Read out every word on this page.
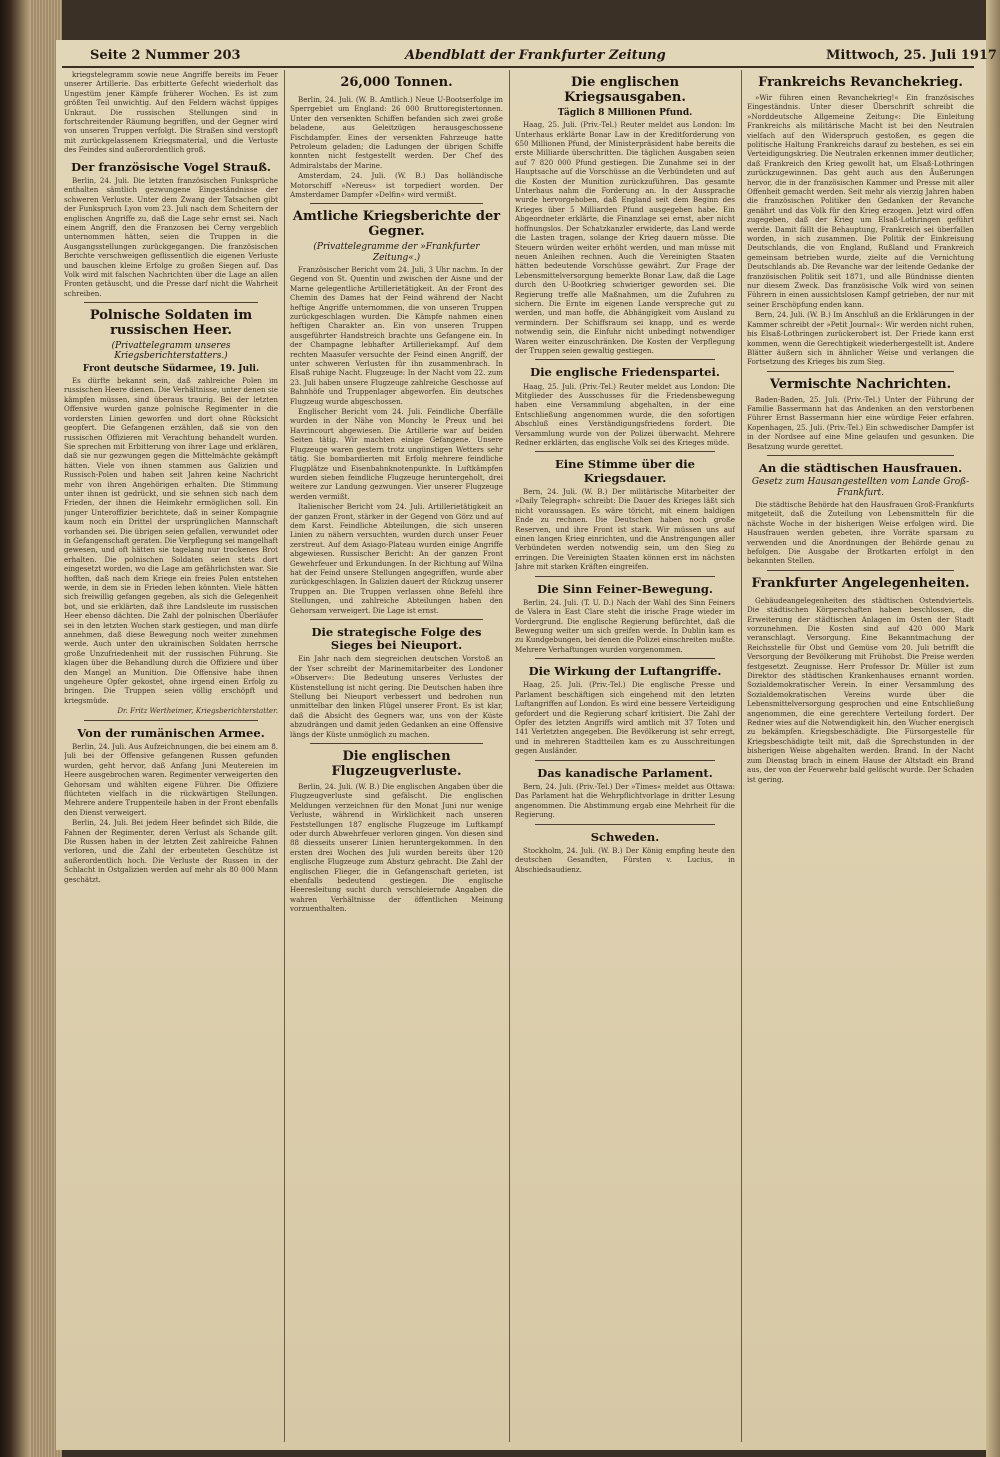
Seite 2 Nummer 203	Abendblatt der Frankfurter Zeitung	Mittwoch, 25. Juli 1917

kriegstelegramm sowie neue Angriffe bereits im Feuer unserer Artillerie. Das erbitterte Gefecht wiederholt das Ungestüm jener Kämpfe früherer Wochen. Es ist zum größten Teil unwichtig. Auf den Feldern wächst üppiges Unkraut. Die russischen Stellungen sind in fortschreitender Räumung begriffen, und der Gegner wird von unseren Truppen verfolgt. Die Straßen sind verstopft mit zurückgelassenem Kriegsmaterial, und die Verluste des Feindes sind außerordentlich groß.

Der französische Vogel Strauß.

Berlin, 24. Juli. Die letzten französischen Funksprüche enthalten sämtlich gezwungene Eingeständnisse der schweren Verluste. Unter dem Zwang der Tatsachen gibt der Funkspruch Lyon vom 23. Juli nach dem Scheitern der englischen Angriffe zu, daß die Lage sehr ernst sei. Nach einem Angriff, den die Franzosen bei Cerny vergeblich unternommen hätten, seien die Truppen in die Ausgangsstellungen zurückgegangen. Die französischen Berichte verschweigen geflissentlich die eigenen Verluste und bauschen kleine Erfolge zu großen Siegen auf. Das Volk wird mit falschen Nachrichten über die Lage an allen Fronten getäuscht, und die Presse darf nicht die Wahrheit schreiben.

Polnische Soldaten im russischen Heer.
(Privattelegramm unseres Kriegsberichterstatters.)
Front deutsche Südarmee, 19. Juli.

Es dürfte bekannt sein, daß zahlreiche Polen im russischen Heere dienen. Die Verhältnisse, unter denen sie kämpfen müssen, sind überaus traurig. Bei der letzten Offensive wurden ganze polnische Regimenter in die vordersten Linien geworfen und dort ohne Rücksicht geopfert. Die Gefangenen erzählen, daß sie von den russischen Offizieren mit Verachtung behandelt wurden. Sie sprechen mit Erbitterung von ihrer Lage und erklären, daß sie nur gezwungen gegen die Mittelmächte gekämpft hätten. Viele von ihnen stammen aus Galizien und Russisch-Polen und haben seit Jahren keine Nachricht mehr von ihren Angehörigen erhalten. Die Stimmung unter ihnen ist gedrückt, und sie sehnen sich nach dem Frieden, der ihnen die Heimkehr ermöglichen soll. Ein junger Unteroffizier berichtete, daß in seiner Kompagnie kaum noch ein Drittel der ursprünglichen Mannschaft vorhanden sei. Die übrigen seien gefallen, verwundet oder in Gefangenschaft geraten. Die Verpflegung sei mangelhaft gewesen, und oft hätten sie tagelang nur trockenes Brot erhalten. Die polnischen Soldaten seien stets dort eingesetzt worden, wo die Lage am gefährlichsten war. Sie hofften, daß nach dem Kriege ein freies Polen entstehen werde, in dem sie in Frieden leben könnten. Viele hätten sich freiwillig gefangen gegeben, als sich die Gelegenheit bot, und sie erklärten, daß ihre Landsleute im russischen Heer ebenso dächten. Die Zahl der polnischen Überläufer sei in den letzten Wochen stark gestiegen, und man dürfe annehmen, daß diese Bewegung noch weiter zunehmen werde. Auch unter den ukrainischen Soldaten herrsche große Unzufriedenheit mit der russischen Führung. Sie klagen über die Behandlung durch die Offiziere und über den Mangel an Munition. Die Offensive habe ihnen ungeheure Opfer gekostet, ohne irgend einen Erfolg zu bringen. Die Truppen seien völlig erschöpft und kriegsmüde.

Dr. Fritz Wertheimer, Kriegsberichterstatter.

Von der rumänischen Armee.

Berlin, 24. Juli. Aus Aufzeichnungen, die bei einem am 8. Juli bei der Offensive gefangenen Russen gefunden wurden, geht hervor, daß Anfang Juni Meutereien im Heere ausgebrochen waren. Regimenter verweigerten den Gehorsam und wählten eigene Führer. Die Offiziere flüchteten vielfach in die rückwärtigen Stellungen. Mehrere andere Truppenteile haben in der Front ebenfalls den Dienst verweigert.

Berlin, 24. Juli. Bei jedem Heer befindet sich Bilde, die Fahnen der Regimenter, deren Verlust als Schande gilt. Die Russen haben in der letzten Zeit zahlreiche Fahnen verloren, und die Zahl der erbeuteten Geschütze ist außerordentlich hoch. Die Verluste der Russen in der Schlacht in Ostgalizien werden auf mehr als 80 000 Mann geschätzt.

26,000 Tonnen.

Berlin, 24. Juli. (W. B. Amtlich.) Neue U-Bootserfolge im Sperrgebiet um England: 26 000 Bruttoregistertonnen. Unter den versenkten Schiffen befanden sich zwei große beladene, aus Geleitzügen herausgeschossene Fischdampfer. Eines der versenkten Fahrzeuge hatte Petroleum geladen; die Ladungen der übrigen Schiffe konnten nicht festgestellt werden. Der Chef des Admiralstabs der Marine.

Amsterdam, 24. Juli. (W. B.) Das holländische Motorschiff »Nereus« ist torpediert worden. Der Amsterdamer Dampfer »Delfin« wird vermißt.

Amtliche Kriegsberichte der Gegner.
(Privattelegramme der »Frankfurter Zeitung«.)

Französischer Bericht vom 24. Juli, 3 Uhr nachm. In der Gegend von St. Quentin und zwischen der Aisne und der Marne gelegentliche Artillerietätigkeit. An der Front des Chemin des Dames hat der Feind während der Nacht heftige Angriffe unternommen, die von unseren Truppen zurückgeschlagen wurden. Die Kämpfe nahmen einen heftigen Charakter an. Ein von unseren Truppen ausgeführter Handstreich brachte uns Gefangene ein. In der Champagne lebhafter Artilleriekampf. Auf dem rechten Maasufer versuchte der Feind einen Angriff, der unter schweren Verlusten für ihn zusammenbrach. In Elsaß ruhige Nacht. Flugzeuge: In der Nacht vom 22. zum 23. Juli haben unsere Flugzeuge zahlreiche Geschosse auf Bahnhöfe und Truppenlager abgeworfen. Ein deutsches Flugzeug wurde abgeschossen.

Englischer Bericht vom 24. Juli. Feindliche Überfälle wurden in der Nähe von Monchy le Preux und bei Havrincourt abgewiesen. Die Artillerie war auf beiden Seiten tätig. Wir machten einige Gefangene. Unsere Flugzeuge waren gestern trotz ungünstigen Wetters sehr tätig. Sie bombardierten mit Erfolg mehrere feindliche Flugplätze und Eisenbahnknotenpunkte. In Luftkämpfen wurden sieben feindliche Flugzeuge heruntergeholt, drei weitere zur Landung gezwungen. Vier unserer Flugzeuge werden vermißt.

Italienischer Bericht vom 24. Juli. Artillerietätigkeit an der ganzen Front, stärker in der Gegend von Görz und auf dem Karst. Feindliche Abteilungen, die sich unseren Linien zu nähern versuchten, wurden durch unser Feuer zerstreut. Auf dem Asiago-Plateau wurden einige Angriffe abgewiesen. Russischer Bericht: An der ganzen Front Gewehrfeuer und Erkundungen. In der Richtung auf Wilna hat der Feind unsere Stellungen angegriffen, wurde aber zurückgeschlagen. In Galizien dauert der Rückzug unserer Truppen an. Die Truppen verlassen ohne Befehl ihre Stellungen, und zahlreiche Abteilungen haben den Gehorsam verweigert. Die Lage ist ernst.

Die strategische Folge des Sieges bei Nieuport.

Ein Jahr nach dem siegreichen deutschen Vorstoß an der Yser schreibt der Marinemitarbeiter des Londoner »Observer«: Die Bedeutung unseres Verlustes der Küstenstellung ist nicht gering. Die Deutschen haben ihre Stellung bei Nieuport verbessert und bedrohen nun unmittelbar den linken Flügel unserer Front. Es ist klar, daß die Absicht des Gegners war, uns von der Küste abzudrängen und damit jeden Gedanken an eine Offensive längs der Küste unmöglich zu machen.

Die englischen Flugzeugverluste.

Berlin, 24. Juli. (W. B.) Die englischen Angaben über die Flugzeugverluste sind gefälscht. Die englischen Meldungen verzeichnen für den Monat Juni nur wenige Verluste, während in Wirklichkeit nach unseren Feststellungen 187 englische Flugzeuge im Luftkampf oder durch Abwehrfeuer verloren gingen. Von diesen sind 88 diesseits unserer Linien heruntergekommen. In den ersten drei Wochen des Juli wurden bereits über 120 englische Flugzeuge zum Absturz gebracht. Die Zahl der englischen Flieger, die in Gefangenschaft gerieten, ist ebenfalls bedeutend gestiegen. Die englische Heeresleitung sucht durch verschleiernde Angaben die wahren Verhältnisse der öffentlichen Meinung vorzuenthalten.

Die englischen Kriegsausgaben.
Täglich 8 Millionen Pfund.

Haag, 25. Juli. (Priv.-Tel.) Reuter meldet aus London: Im Unterhaus erklärte Bonar Law in der Kreditforderung von 650 Millionen Pfund, der Ministerpräsident habe bereits die erste Milliarde überschritten. Die täglichen Ausgaben seien auf 7 820 000 Pfund gestiegen. Die Zunahme sei in der Hauptsache auf die Vorschüsse an die Verbündeten und auf die Kosten der Munition zurückzuführen. Das gesamte Unterhaus nahm die Forderung an. In der Aussprache wurde hervorgehoben, daß England seit dem Beginn des Krieges über 5 Milliarden Pfund ausgegeben habe. Ein Abgeordneter erklärte, die Finanzlage sei ernst, aber nicht hoffnungslos. Der Schatzkanzler erwiderte, das Land werde die Lasten tragen, solange der Krieg dauern müsse. Die Steuern würden weiter erhöht werden, und man müsse mit neuen Anleihen rechnen. Auch die Vereinigten Staaten hätten bedeutende Vorschüsse gewährt. Zur Frage der Lebensmittelversorgung bemerkte Bonar Law, daß die Lage durch den U-Bootkrieg schwieriger geworden sei. Die Regierung treffe alle Maßnahmen, um die Zufuhren zu sichern. Die Ernte im eigenen Lande verspreche gut zu werden, und man hoffe, die Abhängigkeit vom Ausland zu vermindern. Der Schiffsraum sei knapp, und es werde notwendig sein, die Einfuhr nicht unbedingt notwendiger Waren weiter einzuschränken. Die Kosten der Verpflegung der Truppen seien gewaltig gestiegen.

Die englische Friedenspartei.

Haag, 25. Juli. (Priv.-Tel.) Reuter meldet aus London: Die Mitglieder des Ausschusses für die Friedensbewegung haben eine Versammlung abgehalten, in der eine Entschließung angenommen wurde, die den sofortigen Abschluß eines Verständigungsfriedens fordert. Die Versammlung wurde von der Polizei überwacht. Mehrere Redner erklärten, das englische Volk sei des Krieges müde.

Eine Stimme über die Kriegsdauer.

Bern, 24. Juli. (W. B.) Der militärische Mitarbeiter der »Daily Telegraph« schreibt: Die Dauer des Krieges läßt sich nicht voraussagen. Es wäre töricht, mit einem baldigen Ende zu rechnen. Die Deutschen haben noch große Reserven, und ihre Front ist stark. Wir müssen uns auf einen langen Krieg einrichten, und die Anstrengungen aller Verbündeten werden notwendig sein, um den Sieg zu erringen. Die Vereinigten Staaten können erst im nächsten Jahre mit starken Kräften eingreifen.

Die Sinn Feiner-Bewegung.

Berlin, 24. Juli. (T. U. D.) Nach der Wahl des Sinn Feiners de Valera in East Clare steht die irische Frage wieder im Vordergrund. Die englische Regierung befürchtet, daß die Bewegung weiter um sich greifen werde. In Dublin kam es zu Kundgebungen, bei denen die Polizei einschreiten mußte. Mehrere Verhaftungen wurden vorgenommen.

Die Wirkung der Luftangriffe.

Haag, 25. Juli. (Priv.-Tel.) Die englische Presse und Parlament beschäftigen sich eingehend mit den letzten Luftangriffen auf London. Es wird eine bessere Verteidigung gefordert und die Regierung scharf kritisiert. Die Zahl der Opfer des letzten Angriffs wird amtlich mit 37 Toten und 141 Verletzten angegeben. Die Bevölkerung ist sehr erregt, und in mehreren Stadtteilen kam es zu Ausschreitungen gegen Ausländer.

Das kanadische Parlament.

Bern, 24. Juli. (Priv.-Tel.) Der »Times« meldet aus Ottawa: Das Parlament hat die Wehrpflichtvorlage in dritter Lesung angenommen. Die Abstimmung ergab eine Mehrheit für die Regierung.

Schweden.

Stockholm, 24. Juli. (W. B.) Der König empfing heute den deutschen Gesandten, Fürsten v. Lucius, in Abschiedsaudienz.

Frankreichs Revanchekrieg.

»Wir führen einen Revanchekrieg!« Ein französisches Eingeständnis. Unter dieser Überschrift schreibt die »Norddeutsche Allgemeine Zeitung«: Die Einleitung Frankreichs als militärische Macht ist bei den Neutralen vielfach auf den Widerspruch gestoßen, es gegen die politische Haltung Frankreichs darauf zu bestehen, es sei ein Verteidigungskrieg. Die Neutralen erkennen immer deutlicher, daß Frankreich den Krieg gewollt hat, um Elsaß-Lothringen zurückzugewinnen. Das geht auch aus den Äußerungen hervor, die in der französischen Kammer und Presse mit aller Offenheit gemacht werden. Seit mehr als vierzig Jahren haben die französischen Politiker den Gedanken der Revanche genährt und das Volk für den Krieg erzogen. Jetzt wird offen zugegeben, daß der Krieg um Elsaß-Lothringen geführt werde. Damit fällt die Behauptung, Frankreich sei überfallen worden, in sich zusammen. Die Politik der Einkreisung Deutschlands, die von England, Rußland und Frankreich gemeinsam betrieben wurde, zielte auf die Vernichtung Deutschlands ab. Die Revanche war der leitende Gedanke der französischen Politik seit 1871, und alle Bündnisse dienten nur diesem Zweck. Das französische Volk wird von seinen Führern in einen aussichtslosen Kampf getrieben, der nur mit seiner Erschöpfung enden kann.

Bern, 24. Juli. (W. B.) Im Anschluß an die Erklärungen in der Kammer schreibt der »Petit Journal«: Wir werden nicht ruhen, bis Elsaß-Lothringen zurückerobert ist. Der Friede kann erst kommen, wenn die Gerechtigkeit wiederhergestellt ist. Andere Blätter äußern sich in ähnlicher Weise und verlangen die Fortsetzung des Krieges bis zum Sieg.

Vermischte Nachrichten.

Baden-Baden, 25. Juli. (Priv.-Tel.) Unter der Führung der Familie Bassermann hat das Andenken an den verstorbenen Führer Ernst Bassermann hier eine würdige Feier erfahren. Kopenhagen, 25. Juli. (Priv.-Tel.) Ein schwedischer Dampfer ist in der Nordsee auf eine Mine gelaufen und gesunken. Die Besatzung wurde gerettet.

An die städtischen Hausfrauen.
Gesetz zum Hausangestellten vom Lande Groß-Frankfurt.

Die städtische Behörde hat den Hausfrauen Groß-Frankfurts mitgeteilt, daß die Zuteilung von Lebensmitteln für die nächste Woche in der bisherigen Weise erfolgen wird. Die Hausfrauen werden gebeten, ihre Vorräte sparsam zu verwenden und die Anordnungen der Behörde genau zu befolgen. Die Ausgabe der Brotkarten erfolgt in den bekannten Stellen.

Frankfurter Angelegenheiten.

Gebäudeangelegenheiten des städtischen Ostendviertels. Die städtischen Körperschaften haben beschlossen, die Erweiterung der städtischen Anlagen im Osten der Stadt vorzunehmen. Die Kosten sind auf 420 000 Mark veranschlagt. Versorgung. Eine Bekanntmachung der Reichsstelle für Obst und Gemüse vom 20. Juli betrifft die Versorgung der Bevölkerung mit Frühobst. Die Preise werden festgesetzt. Zeugnisse. Herr Professor Dr. Müller ist zum Direktor des städtischen Krankenhauses ernannt worden. Sozialdemokratischer Verein. In einer Versammlung des Sozialdemokratischen Vereins wurde über die Lebensmittelversorgung gesprochen und eine Entschließung angenommen, die eine gerechtere Verteilung fordert. Der Redner wies auf die Notwendigkeit hin, den Wucher energisch zu bekämpfen. Kriegsbeschädigte. Die Fürsorgestelle für Kriegsbeschädigte teilt mit, daß die Sprechstunden in der bisherigen Weise abgehalten werden. Brand. In der Nacht zum Dienstag brach in einem Hause der Altstadt ein Brand aus, der von der Feuerwehr bald gelöscht wurde. Der Schaden ist gering.
